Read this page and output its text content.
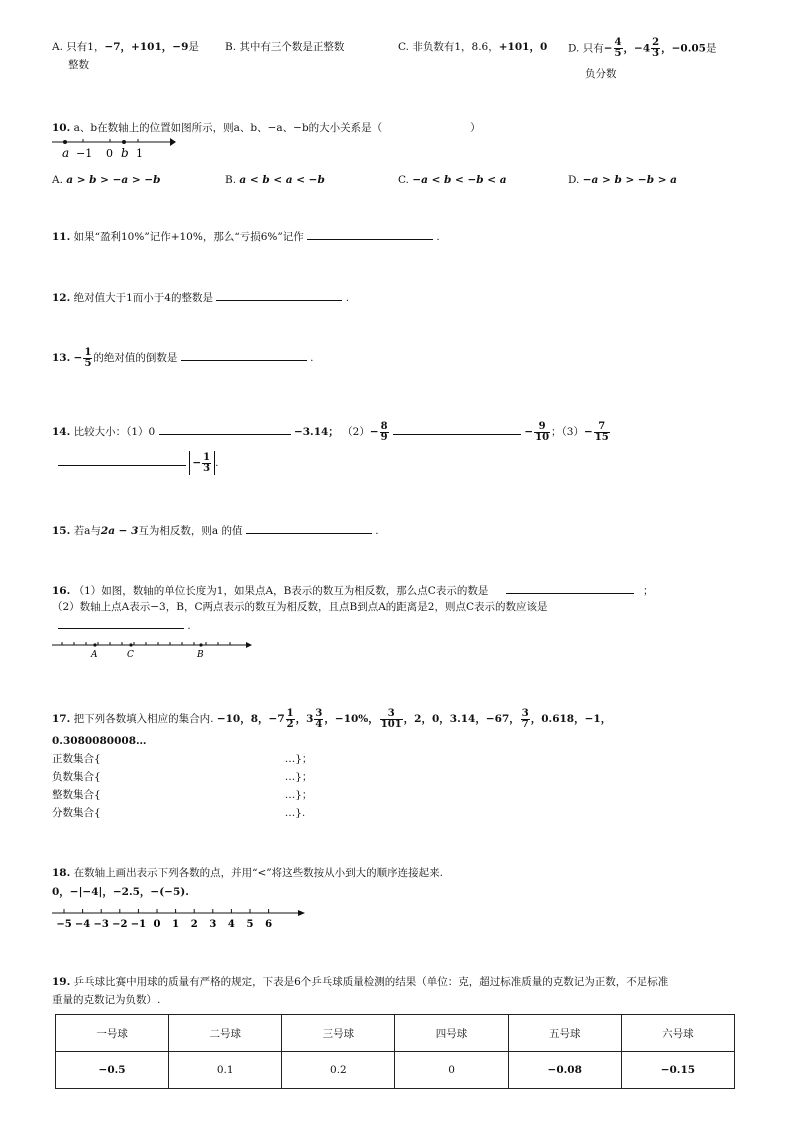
A. 只有1，−7，+101，−9是
整数
B. 其中有三个数是正整数	C. 非负数有1，8.6，+101，0 D. 只有− $\frac{4}{5}$ ，$-4 \frac{2}{3}$ ，−0.05是
负分数
10. a、b在数轴上的位置如图所示，则a、b、−a、−b的大小关系是（	）
a −1 0 b 1
A. a > b > −a > −b	B. a < b < a < −b	C. −a < b < −b < a	D. −a > b > −b > a
11. 如果“盈利10%”记作+10%，那么“亏损6%”记作	.
12. 绝对值大于1而小于4的整数是	.
13. − $\frac{1}{5}$ 的绝对值的倒数是	.
14. 比较大小：（1）0	−3.14； $(2)- \frac{8}{9}$	− $\frac{9}{10}$ ；$(3)- \frac{7}{15}$
− $\frac{1}{3}$ .
15. 若a与2a − 3互为相反数，则a 的值	.
16. （1）如图，数轴的单位长度为1，如果点A，B表示的数互为相反数，那么点C表示的数是	；
（2）数轴上点A表示−3，B，C两点表示的数互为相反数，且点B到点A的距离是2，则点C表示的数应该是
.
A	C	B
17. 把下列各数填入相应的集合内. −10，8，$-7 \frac{1}{2}$ ，$3 \frac{3}{4}$ ，−10%， $\frac{3}{101}$ ，2，0，3.14，−67， $\frac{3}{7}$ ，0.618，−1，
0.3080080008…
正数集合{	…}；
负数集合{	…}；
整数集合{	…}；
分数集合{	…}.
18. 在数轴上画出表示下列各数的点，并用“<”将这些数按从小到大的顺序连接起来.
0，−|−4|，−2.5，−(−5).
−5 −4 −3 −2 −1 0 1 2 3 4 5 6
19. 乒乓球比赛中用球的质量有严格的规定，下表是6个乒乓球质量检测的结果（单位：克，超过标准质量的克数记为正数，不足标准
重量的克数记为负数）.
一号球	二号球	三号球	四号球	五号球	六号球
−0.5	0.1	0.2	0	−0.08	−0.15
